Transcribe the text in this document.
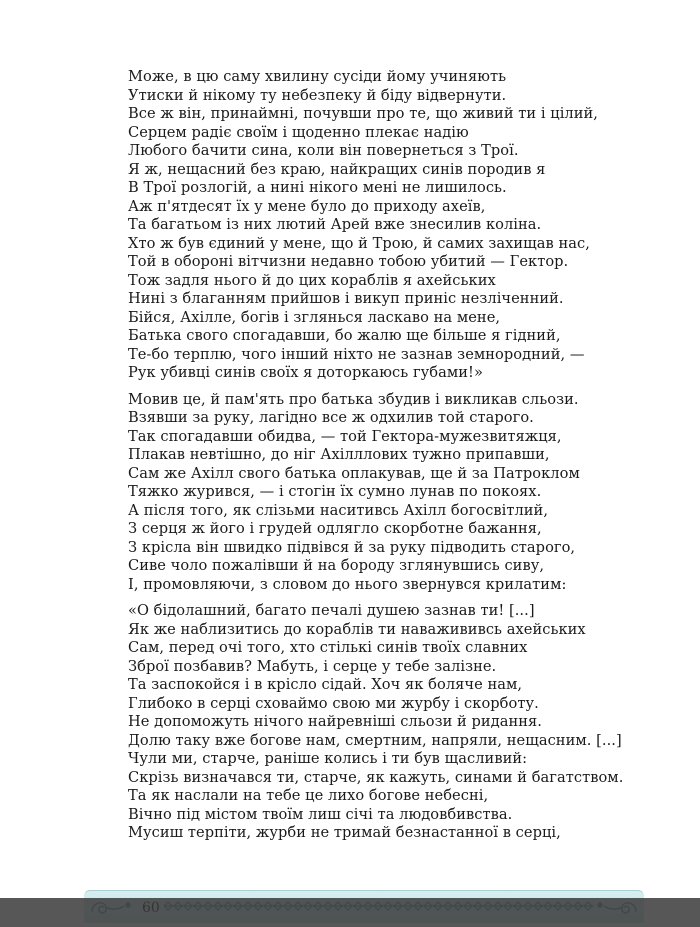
Може, в цю саму хвилину сусіди йому учиняють
Утиски й нікому ту небезпеку й біду відвернути.
Все ж він, принаймні, почувши про те, що живий ти і цілий,
Серцем радіє своїм і щоденно плекає надію
Любого бачити сина, коли він повернеться з Трої.
Я ж, нещасний без краю, найкращих синів породив я
В Трої розлогій, а нині нікого мені не лишилось.
Аж п'ятдесят їх у мене було до приходу ахеїв,
Та багатьом із них лютий Арей вже знесилив коліна.
Хто ж був єдиний у мене, що й Трою, й самих захищав нас,
Той в обороні вітчизни недавно тобою убитий — Гектор.
Тож задля нього й до цих кораблів я ахейських
Нині з благанням прийшов і викуп приніс незліченний.
Бійся, Ахілле, богів і зглянься ласкаво на мене,
Батька свого спогадавши, бо жалю ще більше я гідний,
Те-бо терплю, чого інший ніхто не зазнав земнородний, —
Рук убивці синів своїх я доторкаюсь губами!»
Мовив це, й пам'ять про батька збудив і викликав сльози.
Взявши за руку, лагідно все ж одхилив той старого.
Так спогадавши обидва, — той Гектора-мужезвитяжця,
Плакав невтішно, до ніг Ахілллових тужно припавши,
Сам же Ахілл свого батька оплакував, ще й за Патроклом
Тяжко журився, — і стогін їх сумно лунав по покоях.
А після того, як слізьми наситивсь Ахілл богосвітлий,
З серця ж його і грудей одлягло скорботне бажання,
З крісла він швидко підвівся й за руку підводить старого,
Сиве чоло пожалівши й на бороду зглянувшись сиву,
І, промовляючи, з словом до нього звернувся крилатим:
«О бідолашний, багато печалі душею зазнав ти! [...]
Як же наблизитись до кораблів ти наважививсь ахейських
Сам, перед очі того, хто стількі синів твоїх славних
Зброї позбавив? Мабуть, і серце у тебе залізне.
Та заспокойся і в крісло сідай. Хоч як боляче нам,
Глибоко в серці сховаймо свою ми журбу і скорботу.
Не допоможуть нічого найревніші сльози й ридання.
Долю таку вже богове нам, смертним, напряли, нещасним. [...]
Чули ми, старче, раніше колись і ти був щасливий:
Скрізь визначався ти, старче, як кажуть, синами й багатством.
Та як наслали на тебе це лихо богове небесні,
Вічно під містом твоїм лиш січі та людовбивства.
Мусиш терпіти, журби не тримай безнастанної в серці,
